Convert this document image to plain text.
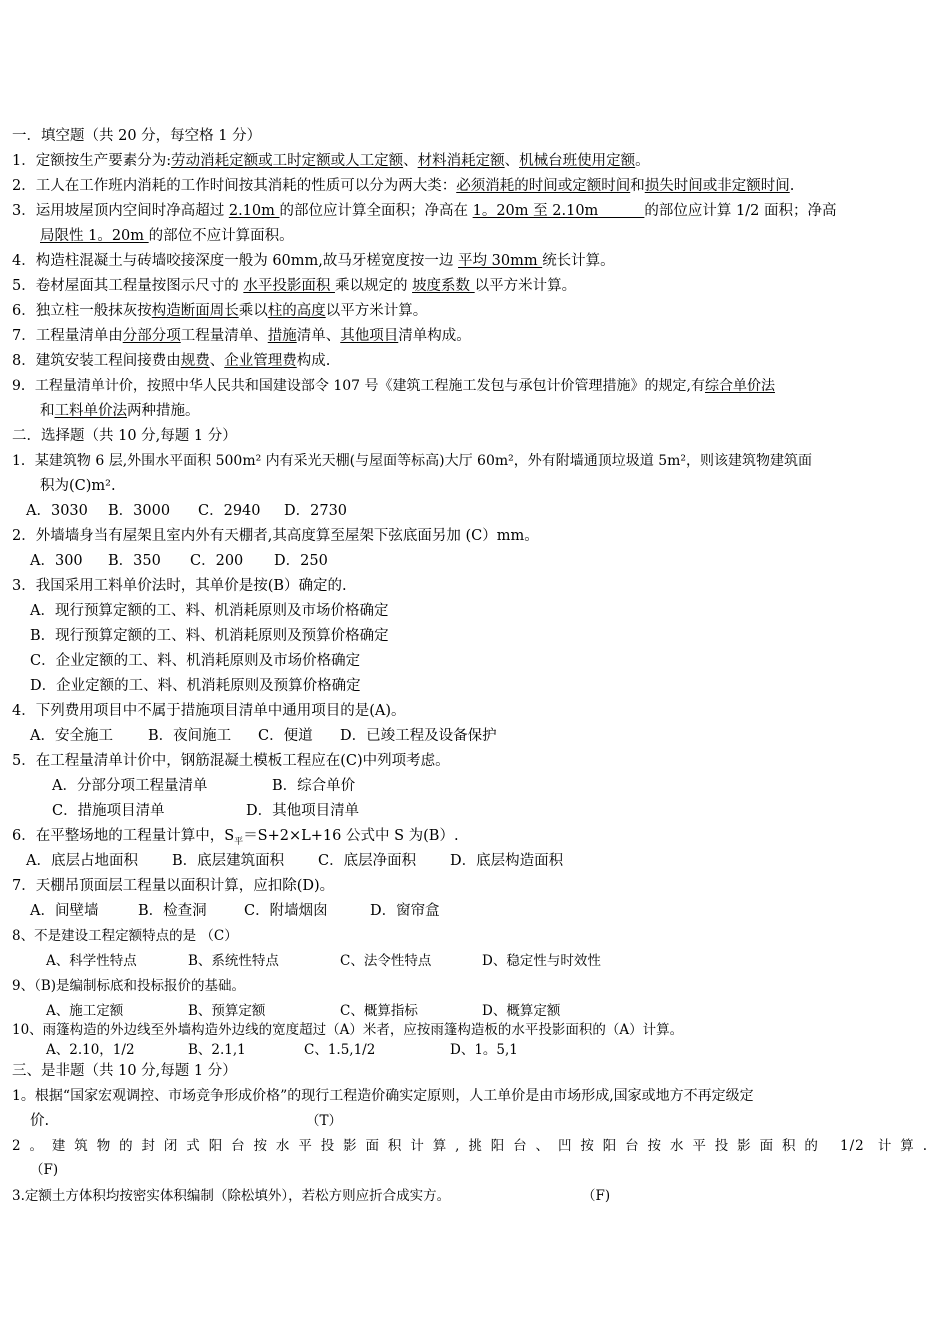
一．填空题（共 20 分，每空格 1 分）
1．定额按生产要素分为:劳动消耗定额或工时定额或人工定额、材料消耗定额、机械台班使用定额。
2．工人在工作班内消耗的工作时间按其消耗的性质可以分为两大类：必须消耗的时间或定额时间和损失时间或非定额时间.
3．运用坡屋顶内空间时净高超过 2.10m 的部位应计算全面积；净高在 1。20m 至 2.10m          的部位应计算 1/2 面积；净高
局限性 1。20m 的部位不应计算面积。
4．构造柱混凝土与砖墙咬接深度一般为 60mm,故马牙槎宽度按一边 平均 30mm 统长计算。
5．卷材屋面其工程量按图示尺寸的 水平投影面积 乘以规定的 坡度系数 以平方米计算。
6．独立柱一般抹灰按构造断面周长乘以柱的高度以平方米计算。
7．工程量清单由分部分项工程量清单、措施清单、其他项目清单构成。
8．建筑安装工程间接费由规费、企业管理费构成.
9．工程量清单计价，按照中华人民共和国建设部令 107 号《建筑工程施工发包与承包计价管理措施》的规定,有综合单价法
和工料单价法两种措施。
二．选择题（共 10 分,每题 1 分）
1．某建筑物 6 层,外围水平面积 500m² 内有采光天棚(与屋面等标高)大厅 60m²，外有附墙通顶垃圾道 5m²，则该建筑物建筑面
积为(C)m².
A．3030 B．3000 C．2940 D．2730
2．外墙墙身当有屋架且室内外有天棚者,其高度算至屋架下弦底面另加 (C）mm。
A．300 B．350 C．200 D．250
3．我国采用工料单价法时，其单价是按(B）确定的.
A．现行预算定额的工、料、机消耗原则及市场价格确定
B．现行预算定额的工、料、机消耗原则及预算价格确定
C．企业定额的工、料、机消耗原则及市场价格确定
D．企业定额的工、料、机消耗原则及预算价格确定
4．下列费用项目中不属于措施项目清单中通用项目的是(A)。
A．安全施工 B．夜间施工 C．便道 D．已竣工程及设备保护
5．在工程量清单计价中，钢筋混凝土模板工程应在(C)中列项考虑。
A．分部分项工程量清单	B．综合单价
C．措施项目清单	D．其他项目清单
6．在平整场地的工程量计算中，$S_平=S+2\times L+16$ 公式中 S 为(B）.
A．底层占地面积 B．底层建筑面积 C．底层净面积 D．底层构造面积
7．天棚吊顶面层工程量以面积计算，应扣除(D)。
A．间壁墙	B．检查洞	C．附墙烟囱	D．窗帘盒
8、不是建设工程定额特点的是 （C）
A、科学性特点	B、系统性特点	C、法令性特点	D、稳定性与时效性
9、（B)是编制标底和投标报价的基础。
A、施工定额	B、预算定额	C、概算指标	D、概算定额
10、雨篷构造的外边线至外墙构造外边线的宽度超过（A）米者，应按雨篷构造板的水平投影面积的（A）计算。
A、2.10，1/2	B、2.1,1	C、1.5,1/2	D、1。5,1
三、是非题（共 10 分,每题 1 分）
1。根据“国家宏观调控、市场竞争形成价格”的现行工程造价确实定原则，人工单价是由市场形成,国家或地方不再定级定
价.	（T）
2。建筑物的封闭式阳台按水平投影面积计算,挑阳台、凹按阳台按水平投影面积的 1/2 计算.
（F)
3.定额土方体积均按密实体积编制（除松填外），若松方则应折合成实方。	（F)
